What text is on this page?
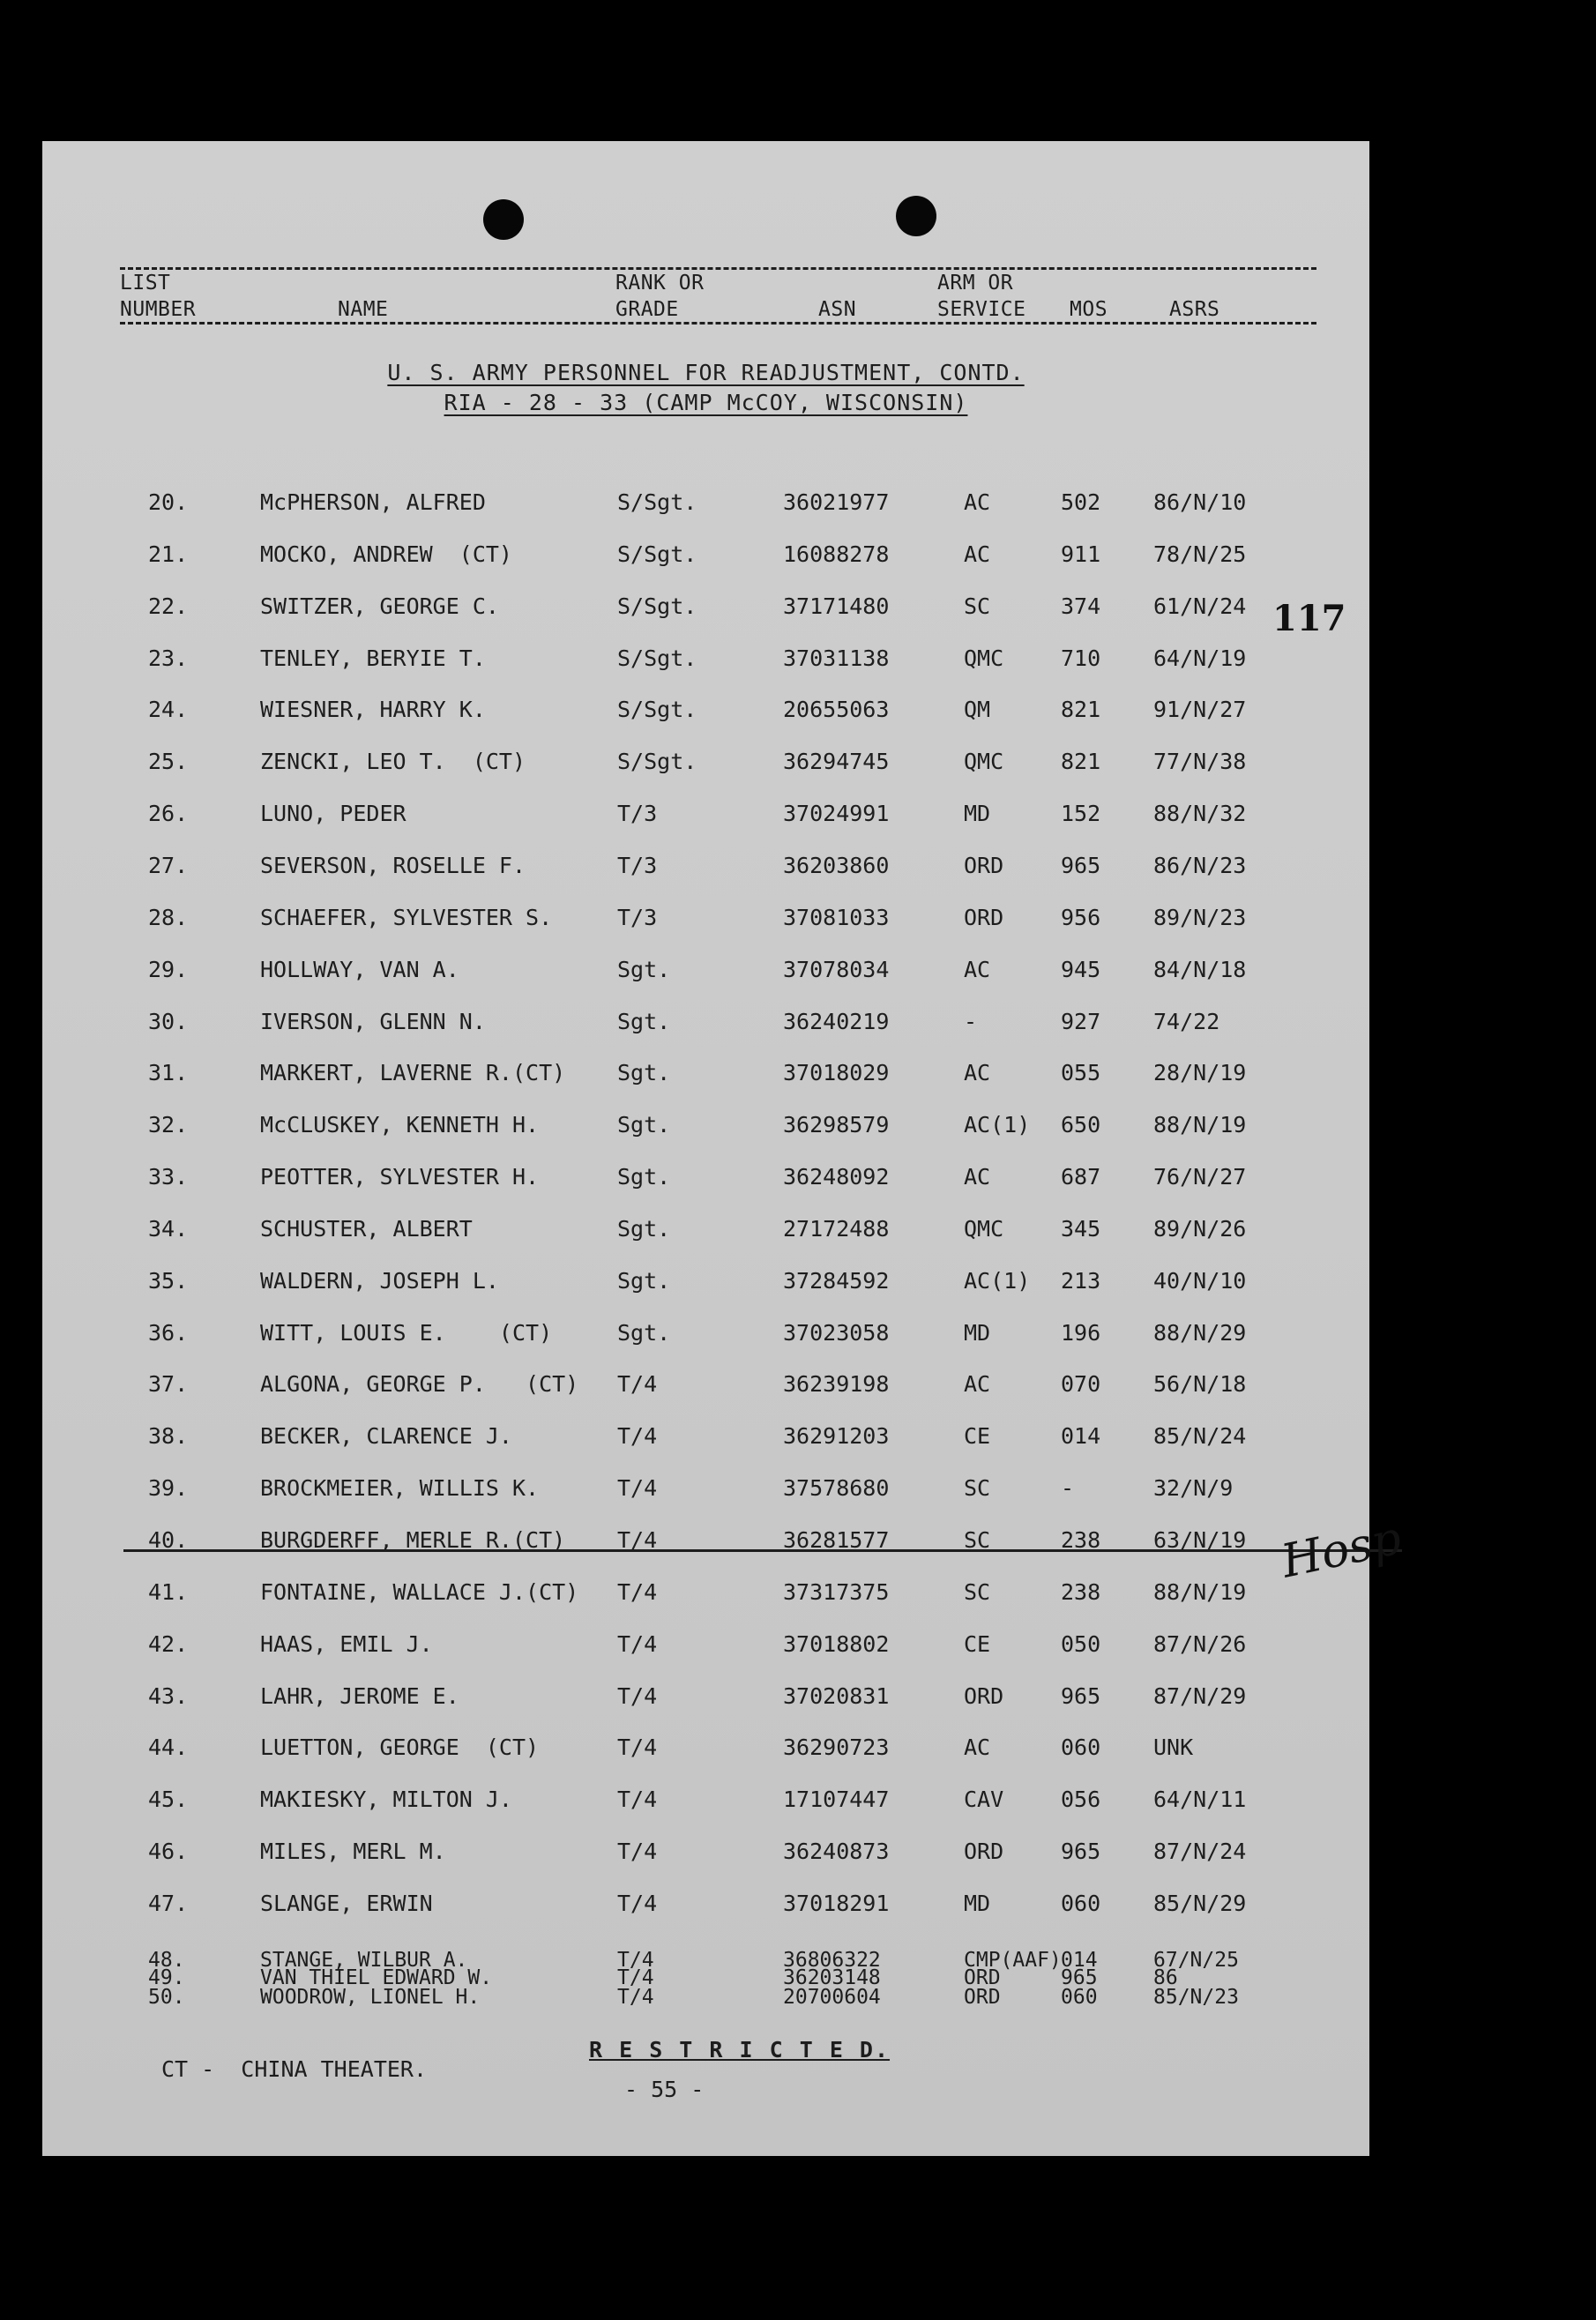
LIST
NUMBER	NAME
RANK OR
GRADE	ASN
ARM OR
SERVICE MOS	ASRS
U. S. ARMY PERSONNEL FOR READJUSTMENT, CONTD.
RIA - 28 - 33 (CAMP McCOY, WISCONSIN)
20.	McPHERSON, ALFRED	S/Sgt.	36021977	AC	502 86/N/10
21.	MOCKO, ANDREW  (CT)	S/Sgt.	16088278	AC	911 78/N/25
22.	SWITZER, GEORGE C.	S/Sgt.	37171480	SC	374 61/N/24
23.	TENLEY, BERYIE T.	S/Sgt.	37031138	QMC	710 64/N/19
24.	WIESNER, HARRY K.	S/Sgt.	20655063	QM	821 91/N/27
25.	ZENCKI, LEO T.  (CT)	S/Sgt.	36294745	QMC	821 77/N/38
26.	LUNO, PEDER	T/3	37024991	MD	152 88/N/32
27.	SEVERSON, ROSELLE F.	T/3	36203860	ORD	965 86/N/23
28.	SCHAEFER, SYLVESTER S.	T/3	37081033	ORD	956 89/N/23
29.	HOLLWAY, VAN A.	Sgt.	37078034	AC	945 84/N/18
30.	IVERSON, GLENN N.	Sgt.	36240219	-	927 74/22
31.	MARKERT, LAVERNE R.(CT) Sgt.	37018029	AC	055 28/N/19
32.	McCLUSKEY, KENNETH H.	Sgt.	36298579	AC(1) 650 88/N/19
33.	PEOTTER, SYLVESTER H.	Sgt.	36248092	AC	687 76/N/27
34.	SCHUSTER, ALBERT	Sgt.	27172488	QMC	345 89/N/26
35.	WALDERN, JOSEPH L.	Sgt.	37284592	AC(1) 213 40/N/10
36.	WITT, LOUIS E.    (CT)	Sgt.	37023058	MD	196 88/N/29
37.	ALGONA, GEORGE P.   (CT) T/4	36239198	AC	070 56/N/18
38.	BECKER, CLARENCE J.	T/4	36291203	CE	014 85/N/24
39.	BROCKMEIER, WILLIS K.	T/4	37578680	SC	-	32/N/9
40.	BURGDERFF, MERLE R.(CT) T/4	36281577	SC	238 63/N/19
41.	FONTAINE, WALLACE J.(CT) T/4	37317375	SC	238 88/N/19
42.	HAAS, EMIL J.	T/4	37018802	CE	050 87/N/26
43.	LAHR, JEROME E.	T/4	37020831	ORD	965 87/N/29
44.	LUETTON, GEORGE  (CT)	T/4	36290723	AC	060 UNK
45.	MAKIESKY, MILTON J.	T/4	17107447	CAV	056 64/N/11
46.	MILES, MERL M.	T/4	36240873	ORD	965 87/N/24
47.	SLANGE, ERWIN	T/4	37018291	MD	060 85/N/29
48.	STANGE, WILBUR A.	T/4	36806322	CMP(AAF) 014	67/N/25
49.	VAN THIEL EDWARD W.	T/4	36203148	ORD	965	86
50.	WOODROW, LIONEL H.	T/4	20700604	ORD	060	85/N/23
117
Hosp
CT -  CHINA THEATER.
R E S T R I C T E D.
- 55 -
